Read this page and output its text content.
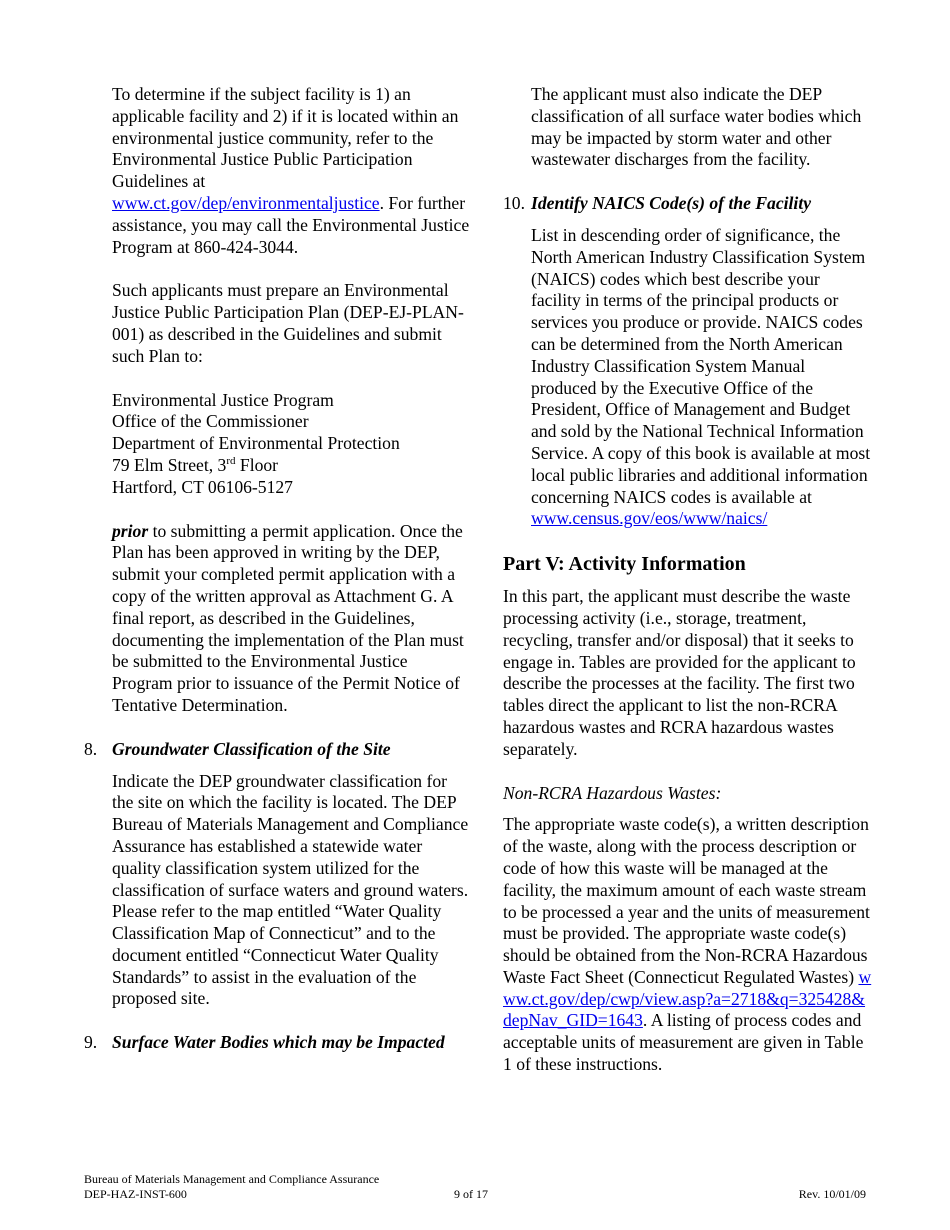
To determine if the subject facility is 1) an applicable facility and 2) if it is located within an environmental justice community, refer to the Environmental Justice Public Participation Guidelines at www.ct.gov/dep/environmentaljustice. For further assistance, you may call the Environmental Justice Program at 860-424-3044.

Such applicants must prepare an Environmental Justice Public Participation Plan (DEP-EJ-PLAN-001) as described in the Guidelines and submit such Plan to:

Environmental Justice Program
Office of the Commissioner
Department of Environmental Protection
79 Elm Street, 3rd Floor
Hartford, CT 06106-5127

prior to submitting a permit application. Once the Plan has been approved in writing by the DEP, submit your completed permit application with a copy of the written approval as Attachment G. A final report, as described in the Guidelines, documenting the implementation of the Plan must be submitted to the Environmental Justice Program prior to issuance of the Permit Notice of Tentative Determination.

8. Groundwater Classification of the Site

Indicate the DEP groundwater classification for the site on which the facility is located. The DEP Bureau of Materials Management and Compliance Assurance has established a statewide water quality classification system utilized for the classification of surface waters and ground waters. Please refer to the map entitled “Water Quality Classification Map of Connecticut” and to the document entitled “Connecticut Water Quality Standards” to assist in the evaluation of the proposed site.

9. Surface Water Bodies which may be Impacted

The applicant must also indicate the DEP classification of all surface water bodies which may be impacted by storm water and other wastewater discharges from the facility.

10. Identify NAICS Code(s) of the Facility

List in descending order of significance, the North American Industry Classification System (NAICS) codes which best describe your facility in terms of the principal products or services you produce or provide. NAICS codes can be determined from the North American Industry Classification System Manual produced by the Executive Office of the President, Office of Management and Budget and sold by the National Technical Information Service. A copy of this book is available at most local public libraries and additional information concerning NAICS codes is available at www.census.gov/eos/www/naics/

Part V: Activity Information

In this part, the applicant must describe the waste processing activity (i.e., storage, treatment, recycling, transfer and/or disposal) that it seeks to engage in. Tables are provided for the applicant to describe the processes at the facility. The first two tables direct the applicant to list the non-RCRA hazardous wastes and RCRA hazardous wastes separately.

Non-RCRA Hazardous Wastes:

The appropriate waste code(s), a written description of the waste, along with the process description or code of how this waste will be managed at the facility, the maximum amount of each waste stream to be processed a year and the units of measurement must be provided. The appropriate waste code(s) should be obtained from the Non-RCRA Hazardous Waste Fact Sheet (Connecticut Regulated Wastes) www.ct.gov/dep/cwp/view.asp?a=2718&q=325428&depNav_GID=1643. A listing of process codes and acceptable units of measurement are given in Table 1 of these instructions.

Bureau of Materials Management and Compliance Assurance
DEP-HAZ-INST-600	9 of 17	Rev. 10/01/09
